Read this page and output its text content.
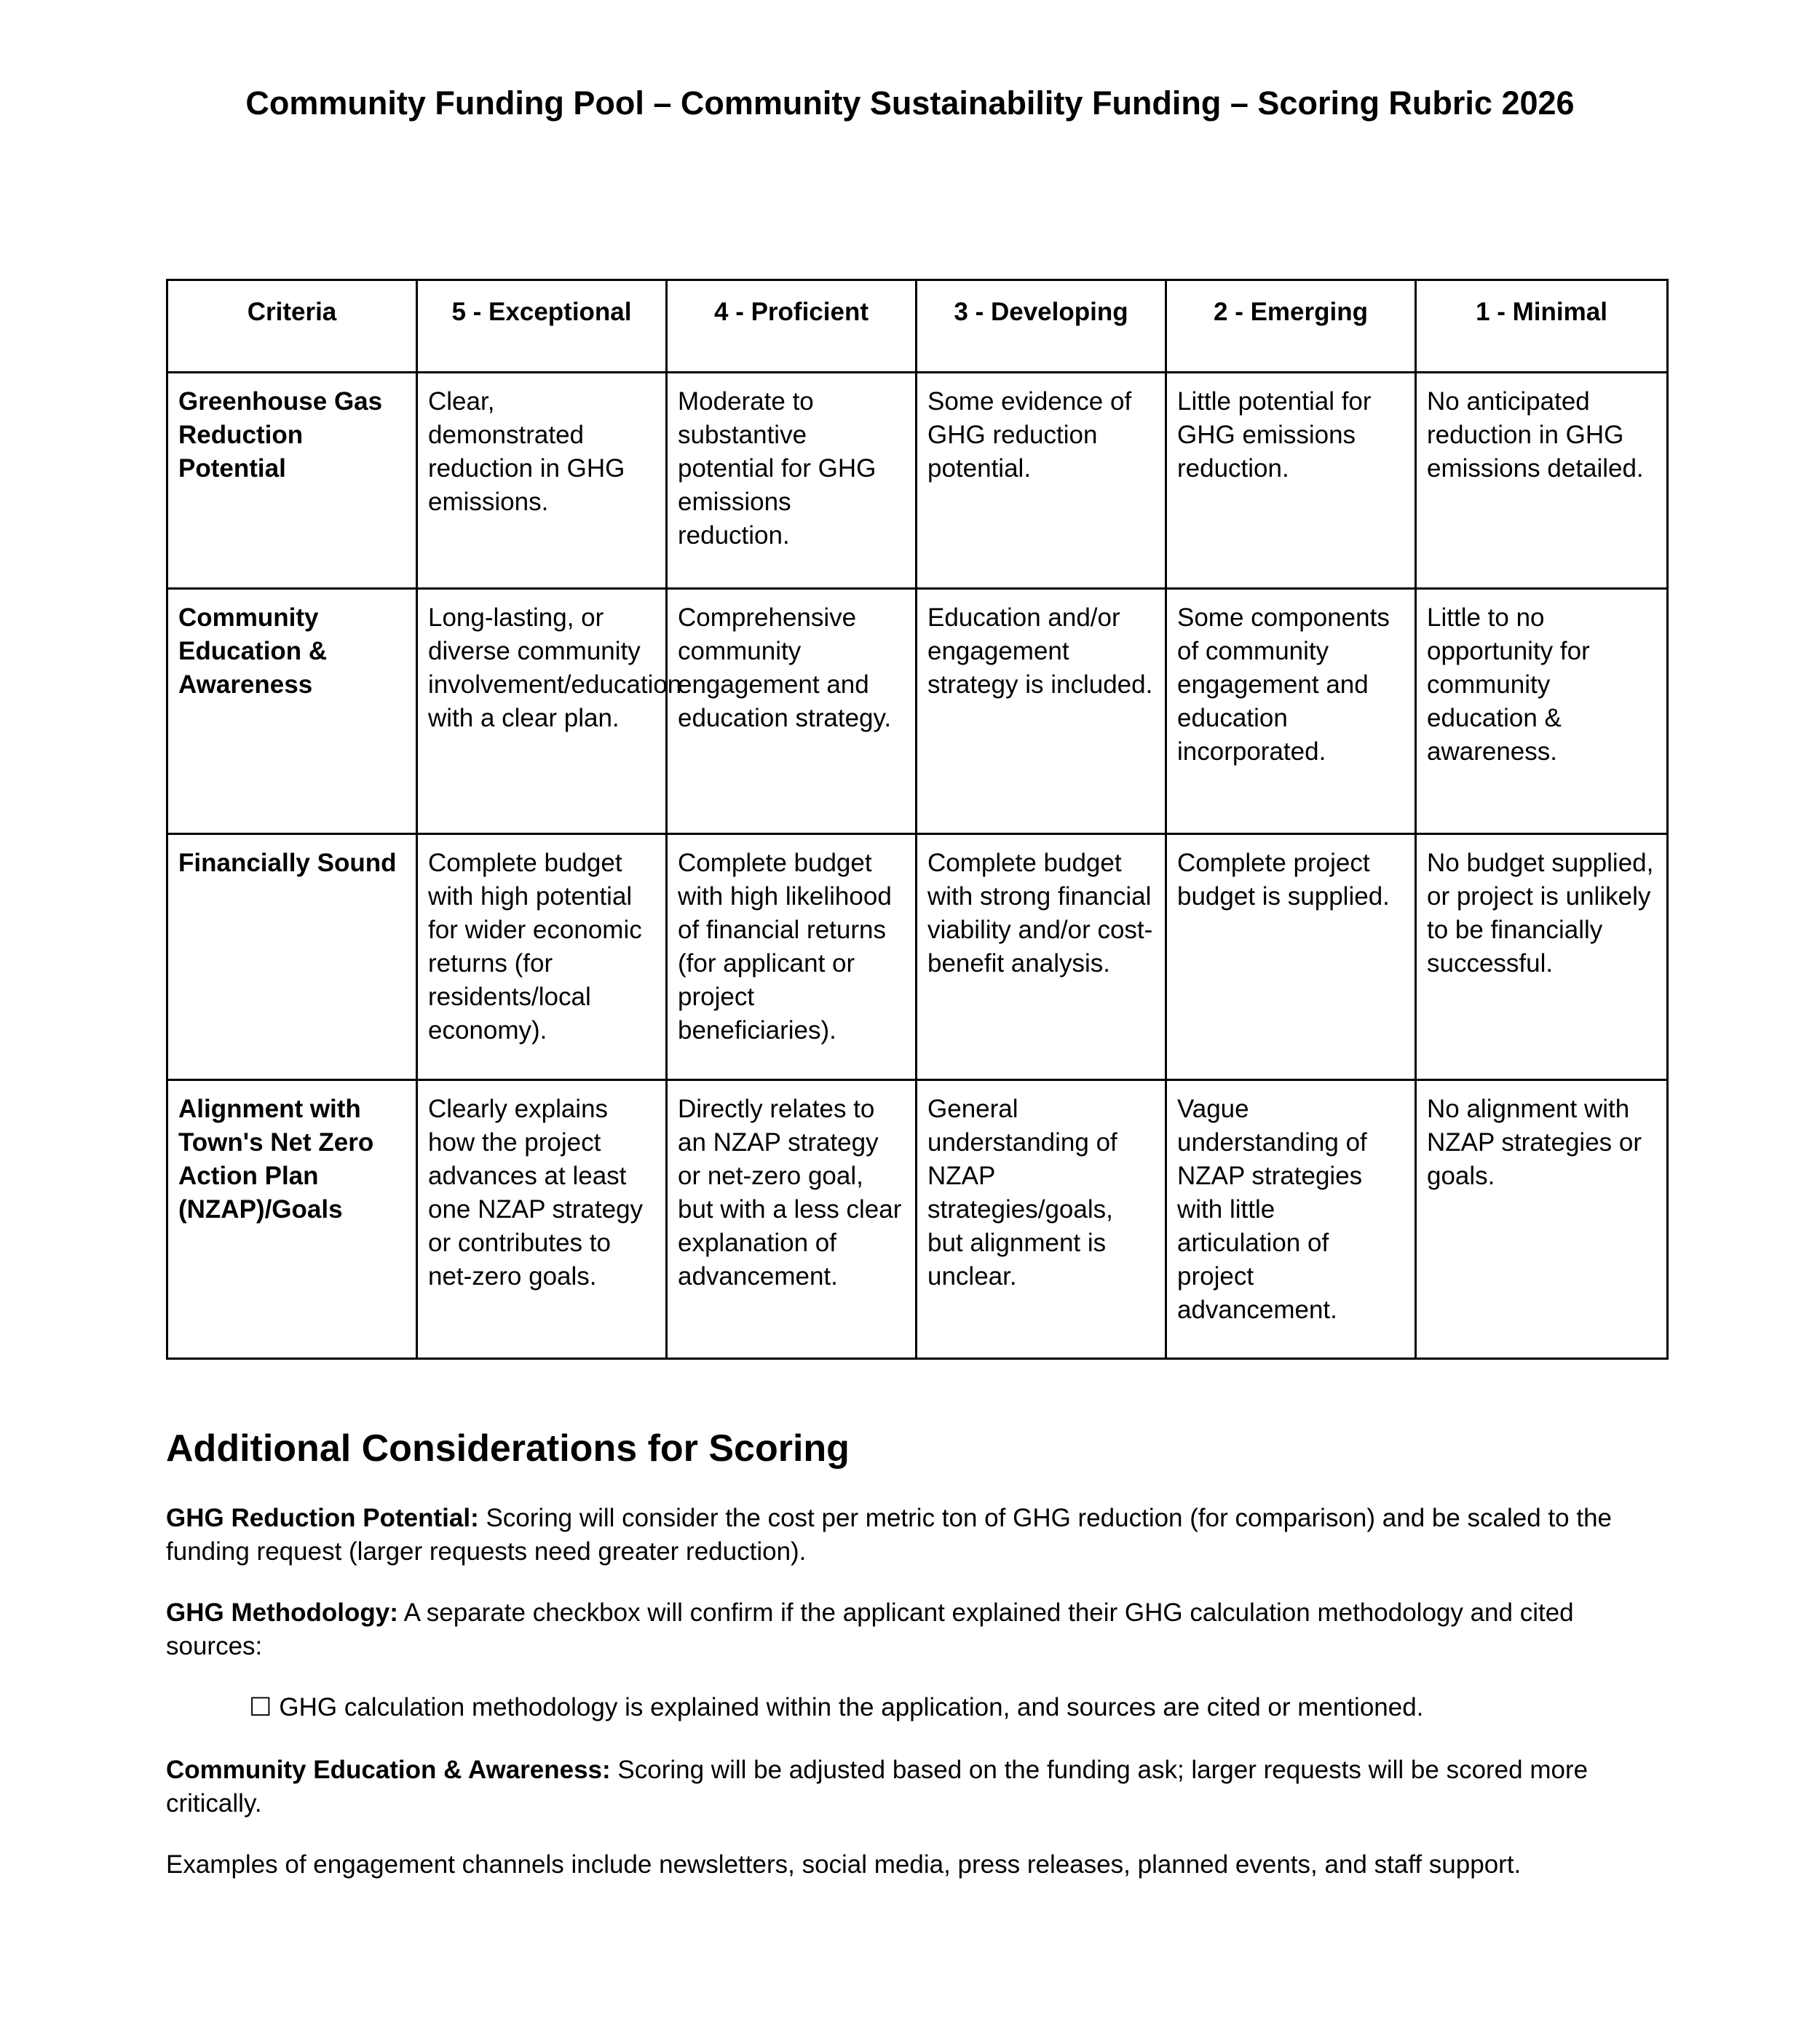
Community Funding Pool – Community Sustainability Funding – Scoring Rubric 2026
Criteria	5 - Exceptional	4 - Proficient	3 - Developing	2 - Emerging	1 - Minimal
Greenhouse Gas Reduction Potential	Clear, demonstrated reduction in GHG emissions.	Moderate to substantive potential for GHG emissions reduction.	Some evidence of GHG reduction potential.	Little potential for GHG emissions reduction.	No anticipated reduction in GHG emissions detailed.
Community Education & Awareness	Long-lasting, or diverse community involvement/education with a clear plan.	Comprehensive community engagement and education strategy.	Education and/or engagement strategy is included.	Some components of community engagement and education incorporated.	Little to no opportunity for community education & awareness.
Financially Sound	Complete budget with high potential for wider economic returns (for residents/local economy).	Complete budget with high likelihood of financial returns (for applicant or project beneficiaries).	Complete budget with strong financial viability and/or cost-benefit analysis.	Complete project budget is supplied.	No budget supplied, or project is unlikely to be financially successful.
Alignment with Town's Net Zero Action Plan (NZAP)/Goals	Clearly explains how the project advances at least one NZAP strategy or contributes to net-zero goals.	Directly relates to an NZAP strategy or net-zero goal, but with a less clear explanation of advancement.	General understanding of NZAP strategies/goals, but alignment is unclear.	Vague understanding of NZAP strategies with little articulation of project advancement.	No alignment with NZAP strategies or goals.
Additional Considerations for Scoring

GHG Reduction Potential: Scoring will consider the cost per metric ton of GHG reduction (for comparison) and be scaled to the funding request (larger requests need greater reduction).

GHG Methodology: A separate checkbox will confirm if the applicant explained their GHG calculation methodology and cited sources:

☐ GHG calculation methodology is explained within the application, and sources are cited or mentioned.

Community Education & Awareness: Scoring will be adjusted based on the funding ask; larger requests will be scored more critically.

Examples of engagement channels include newsletters, social media, press releases, planned events, and staff support.
